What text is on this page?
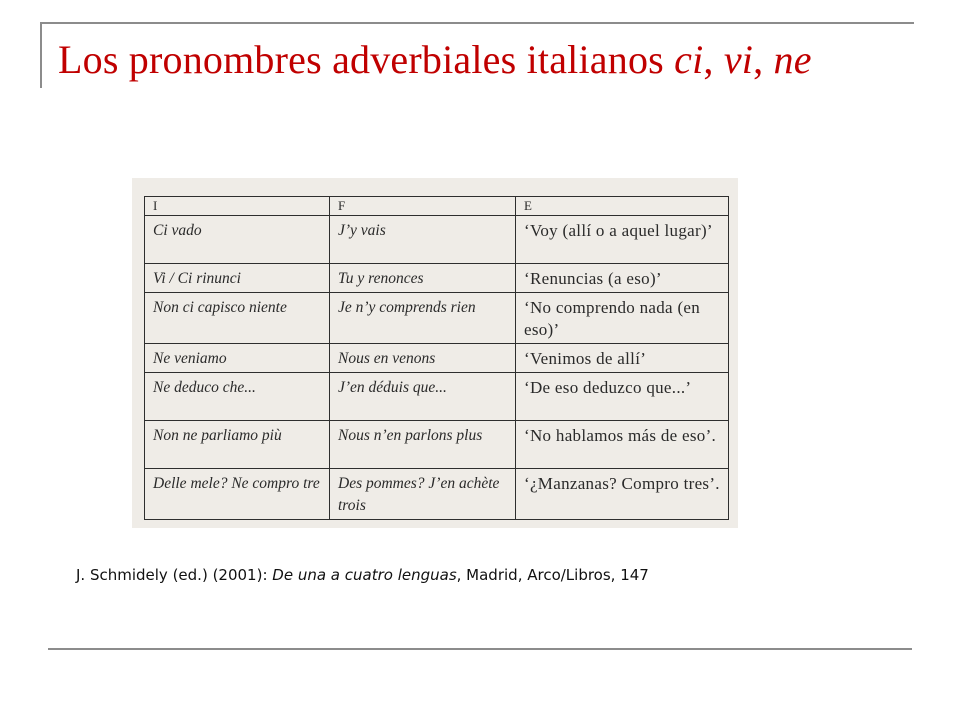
Los pronombres adverbiales italianos ci, vi, ne
I	F	E
Ci vado	J’y vais	‘Voy (allí o a aquel lugar)’
Vi / Ci rinunci	Tu y renonces	‘Renuncias (a eso)’
Non ci capisco niente	Je n’y comprends rien	‘No comprendo nada (en eso)’
Ne veniamo	Nous en venons	‘Venimos de allí’
Ne deduco che...	J’en déduis que...	‘De eso deduzco que...’
Non ne parliamo più	Nous n’en parlons plus	‘No hablamos más de eso’.
Delle mele? Ne compro tre	Des pommes? J’en achète trois	‘¿Manzanas? Compro tres’.

J. Schmidely (ed.) (2001): De una a cuatro lenguas, Madrid, Arco/Libros, 147
